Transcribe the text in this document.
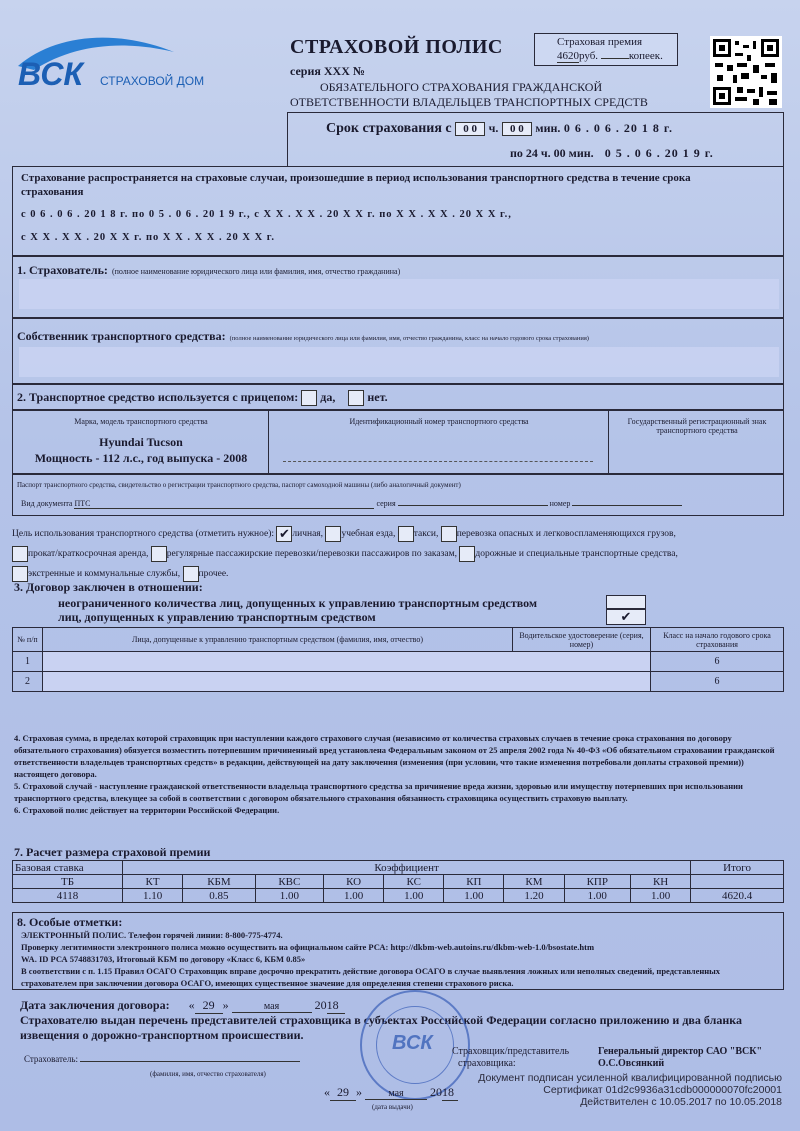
ВСК СТРАХОВОЙ ДОМ
СТРАХОВОЙ ПОЛИС
серия XXX №
ОБЯЗАТЕЛЬНОГО СТРАХОВАНИЯ ГРАЖДАНСКОЙ
ОТВЕТСТВЕННОСТИ ВЛАДЕЛЬЦЕВ ТРАНСПОРТНЫХ СРЕДСТВ
Страховая премия
4620руб.	копеек.
Срок страхования с 0 0 ч. 0 0 мин. 0 6 . 0 6 . 20 1 8 г.
по 24 ч. 00 мин. 0 5 . 0 6 . 20 1 9 г.
Страхование распространяется на страховые случаи, произошедшие в период использования транспортного средства в течение срока страхования
с 0 6 . 0 6 . 20 1 8 г. по 0 5 . 0 6 . 20 1 9 г., с X X . X X . 20 X X г. по X X . X X . 20 X X г.,
с X X . X X . 20 X X г. по X X . X X . 20 X X г.
1. Страхователь: (полное наименование юридического лица или фамилия, имя, отчество гражданина)
Собственник транспортного средства: (полное наименование юридического лица или фамилия, имя, отчество гражданина, класс на начало годового срока страхования)
2. Транспортное средство используется с прицепом: да,	нет.
Марка, модель транспортного средства
Hyundai Tucson
Мощность - 112 л.с., год выпуска - 2008
Идентификационный номер транспортного средства	Государственный регистрационный знак транспортного средства
Паспорт транспортного средства, свидетельство о регистрации транспортного средства, паспорт самоходной машины (либо аналогичный документ)
Вид документа ПТС	серия	номер
Цель использования транспортного средства (отметить нужное): ✔ личная, учебная езда, такси, перевозка опасных и легковоспламеняющихся грузов,
прокат/краткосрочная аренда, регулярные пассажирские перевозки/перевозки пассажиров по заказам, дорожные и специальные транспортные средства,
экстренные и коммунальные службы, прочее.
3. Договор заключен в отношении:
неограниченного количества лиц, допущенных к управлению транспортным средством
лиц, допущенных к управлению транспортным средством	✔
№ п/п	Лица, допущенные к управлению транспортным средством (фамилия, имя, отчество)	Водительское удостоверение (серия, номер)	Класс на начало годового срока страхования
1			6
2			6
4. Страховая сумма, в пределах которой страховщик при наступлении каждого страхового случая (независимо от количества страховых случаев в течение срока страхования по договору обязательного страхования) обязуется возместить потерпевшим причиненный вред установлена Федеральным законом от 25 апреля 2002 года № 40-ФЗ «Об обязательном страховании гражданской ответственности владельцев транспортных средств» в редакции, действующей на дату заключения (изменения (при условии, что такие изменения потребовали доплаты страховой премии)) настоящего договора.
5. Страховой случай - наступление гражданской ответственности владельца транспортного средства за причинение вреда жизни, здоровью или имуществу потерпевших при использовании транспортного средства, влекущее за собой в соответствии с договором обязательного страхования обязанность страховщика осуществить страховую выплату.
6. Страховой полис действует на территории Российской Федерации.
7. Расчет размера страховой премии
Базовая ставка	Коэффициент									Итого
ТБ	КТ	КБМ	КВС	КО	КС	КП	КМ	КПР	КН	
4118	1.10	0.85	1.00	1.00	1.00	1.00	1.20	1.00	1.00	4620.4
8. Особые отметки:
ЭЛЕКТРОННЫЙ ПОЛИС. Телефон горячей линии: 8-800-775-4774.
Проверку легитимности электронного полиса можно осуществить на официальном сайте РСА: http://dkbm-web.autoins.ru/dkbm-web-1.0/bsostate.htm
WA. ID РСА 5748831703, Итоговый КБМ по договору «Класс 6, КБМ 0.85»
В соответствии с п. 1.15 Правил ОСАГО Страховщик вправе досрочно прекратить действие договора ОСАГО в случае выявления ложных или неполных сведений, представленных страхователем при заключении договора ОСАГО, имеющих существенное значение для определения степени страхового риска.
Дата заключения договора: « 29 »	мая	2018
Страхователю выдан перечень представителей страховщика в субъектах Российской Федерации согласно приложению и два бланка извещения о дорожно-транспортном происшествии.
Страхователь:
(фамилия, имя, отчество страхователя)
ВСК Страховщик/представитель
страховщика:
Генеральный директор САО "ВСК"
О.С.Овсянкий
« 29 »	мая 2018
(дата выдачи)
Документ подписан усиленной квалифицированной подписью
Сертификат 01d2c9936a31cdb000000070fc20001
Действителен с 10.05.2017 по 10.05.2018
